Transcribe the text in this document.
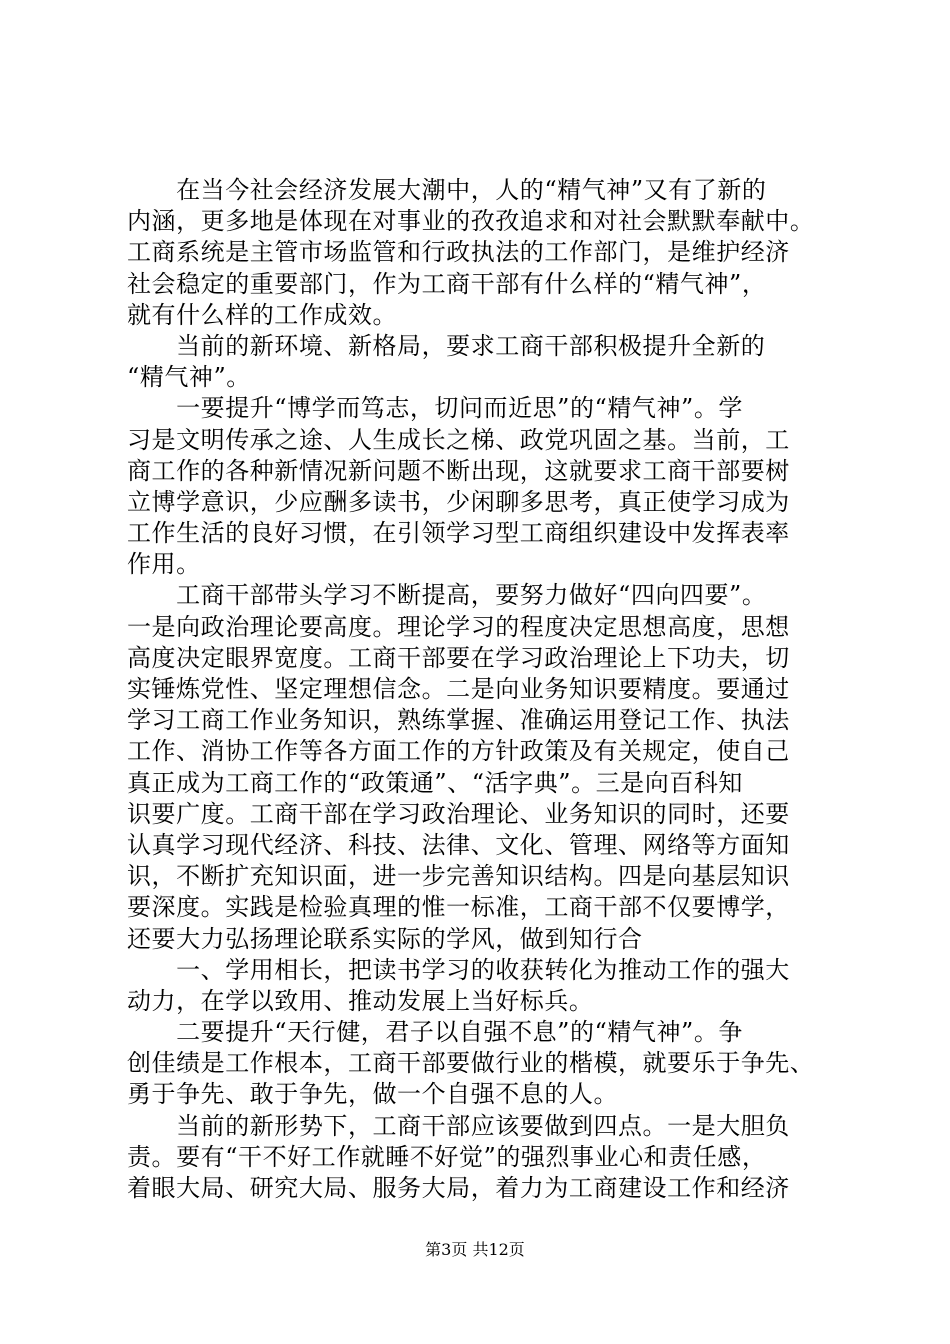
　　在当今社会经济发展大潮中，人的“精气神”又有了新的
内涵，更多地是体现在对事业的孜孜追求和对社会默默奉献中。
工商系统是主管市场监管和行政执法的工作部门，是维护经济
社会稳定的重要部门，作为工商干部有什么样的“精气神”，
就有什么样的工作成效。
　　当前的新环境、新格局，要求工商干部积极提升全新的
“精气神”。
　　一要提升“博学而笃志，切问而近思”的“精气神”。学
习是文明传承之途、人生成长之梯、政党巩固之基。当前，工
商工作的各种新情况新问题不断出现，这就要求工商干部要树
立博学意识，少应酬多读书，少闲聊多思考，真正使学习成为
工作生活的良好习惯，在引领学习型工商组织建设中发挥表率
作用。
　　工商干部带头学习不断提高，要努力做好“四向四要”。
一是向政治理论要高度。理论学习的程度决定思想高度，思想
高度决定眼界宽度。工商干部要在学习政治理论上下功夫，切
实锤炼党性、坚定理想信念。二是向业务知识要精度。要通过
学习工商工作业务知识，熟练掌握、准确运用登记工作、执法
工作、消协工作等各方面工作的方针政策及有关规定，使自己
真正成为工商工作的“政策通”、“活字典”。三是向百科知
识要广度。工商干部在学习政治理论、业务知识的同时，还要
认真学习现代经济、科技、法律、文化、管理、网络等方面知
识，不断扩充知识面，进一步完善知识结构。四是向基层知识
要深度。实践是检验真理的惟一标准，工商干部不仅要博学，
还要大力弘扬理论联系实际的学风，做到知行合
　　一、学用相长，把读书学习的收获转化为推动工作的强大
动力，在学以致用、推动发展上当好标兵。
　　二要提升“天行健，君子以自强不息”的“精气神”。争
创佳绩是工作根本，工商干部要做行业的楷模，就要乐于争先、
勇于争先、敢于争先，做一个自强不息的人。
　　当前的新形势下，工商干部应该要做到四点。一是大胆负
责。要有“干不好工作就睡不好觉”的强烈事业心和责任感，
着眼大局、研究大局、服务大局，着力为工商建设工作和经济
第3页 共12页
